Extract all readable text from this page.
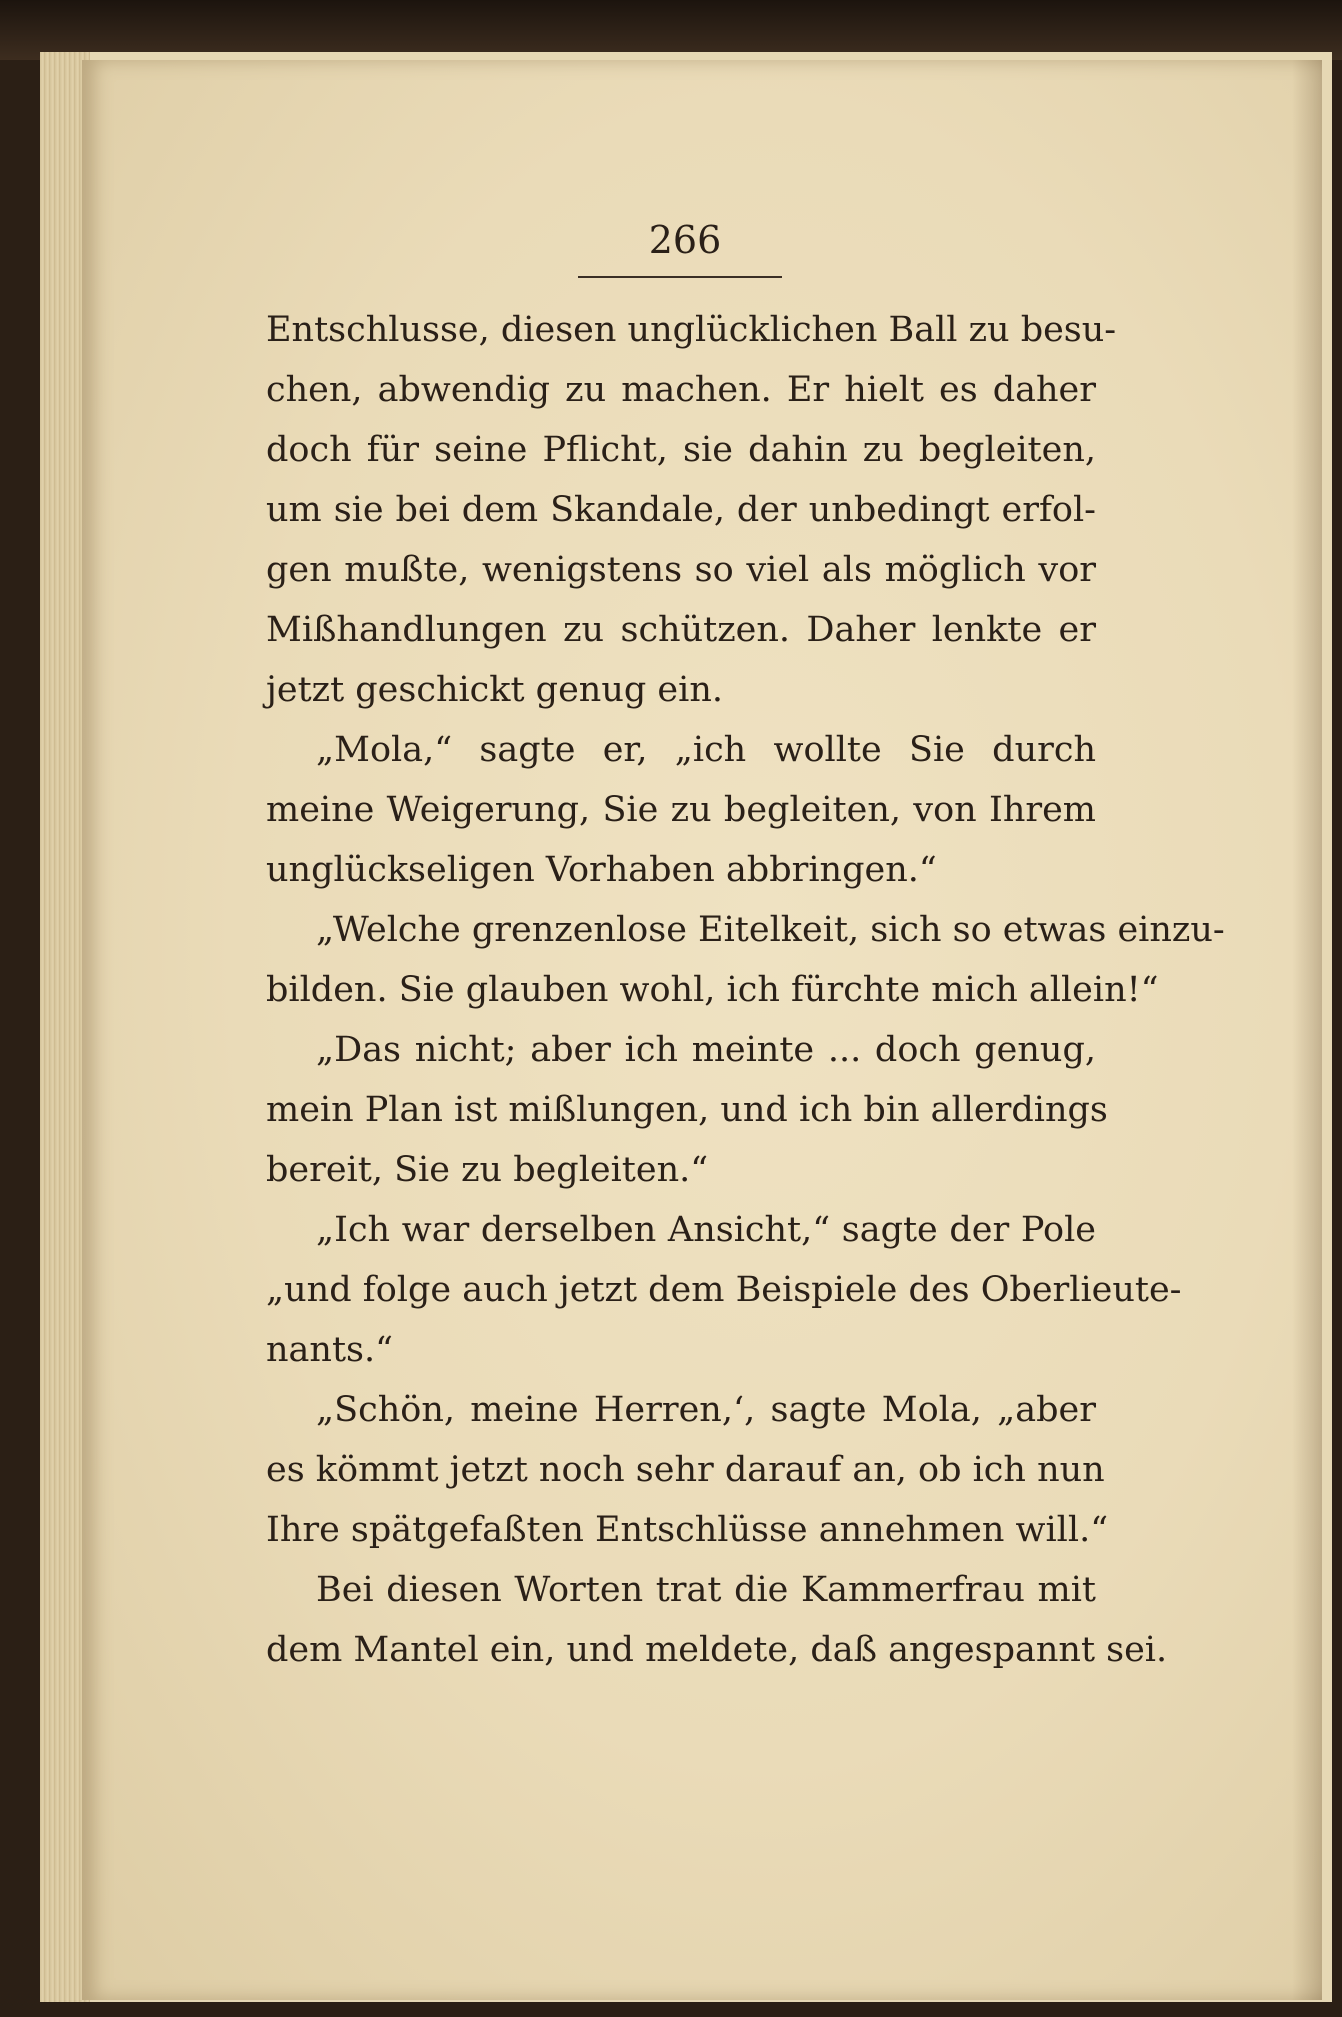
266
Entschlusse, diesen unglücklichen Ball zu besu-
chen, abwendig zu machen. Er hielt es daher
doch für seine Pflicht, sie dahin zu begleiten,
um sie bei dem Skandale, der unbedingt erfol-
gen mußte, wenigstens so viel als möglich vor
Mißhandlungen zu schützen. Daher lenkte er
jetzt geschickt genug ein.
„Mola,“ sagte er, „ich wollte Sie durch
meine Weigerung, Sie zu begleiten, von Ihrem
unglückseligen Vorhaben abbringen.“
„Welche grenzenlose Eitelkeit, sich so etwas einzu-
bilden. Sie glauben wohl, ich fürchte mich allein!“
„Das nicht; aber ich meinte ... doch genug,
mein Plan ist mißlungen, und ich bin allerdings
bereit, Sie zu begleiten.“
„Ich war derselben Ansicht,“ sagte der Pole
„und folge auch jetzt dem Beispiele des Oberlieute-
nants.“
„Schön, meine Herren,‘, sagte Mola, „aber
es kömmt jetzt noch sehr darauf an, ob ich nun
Ihre spätgefaßten Entschlüsse annehmen will.“
Bei diesen Worten trat die Kammerfrau mit
dem Mantel ein, und meldete, daß angespannt sei.
